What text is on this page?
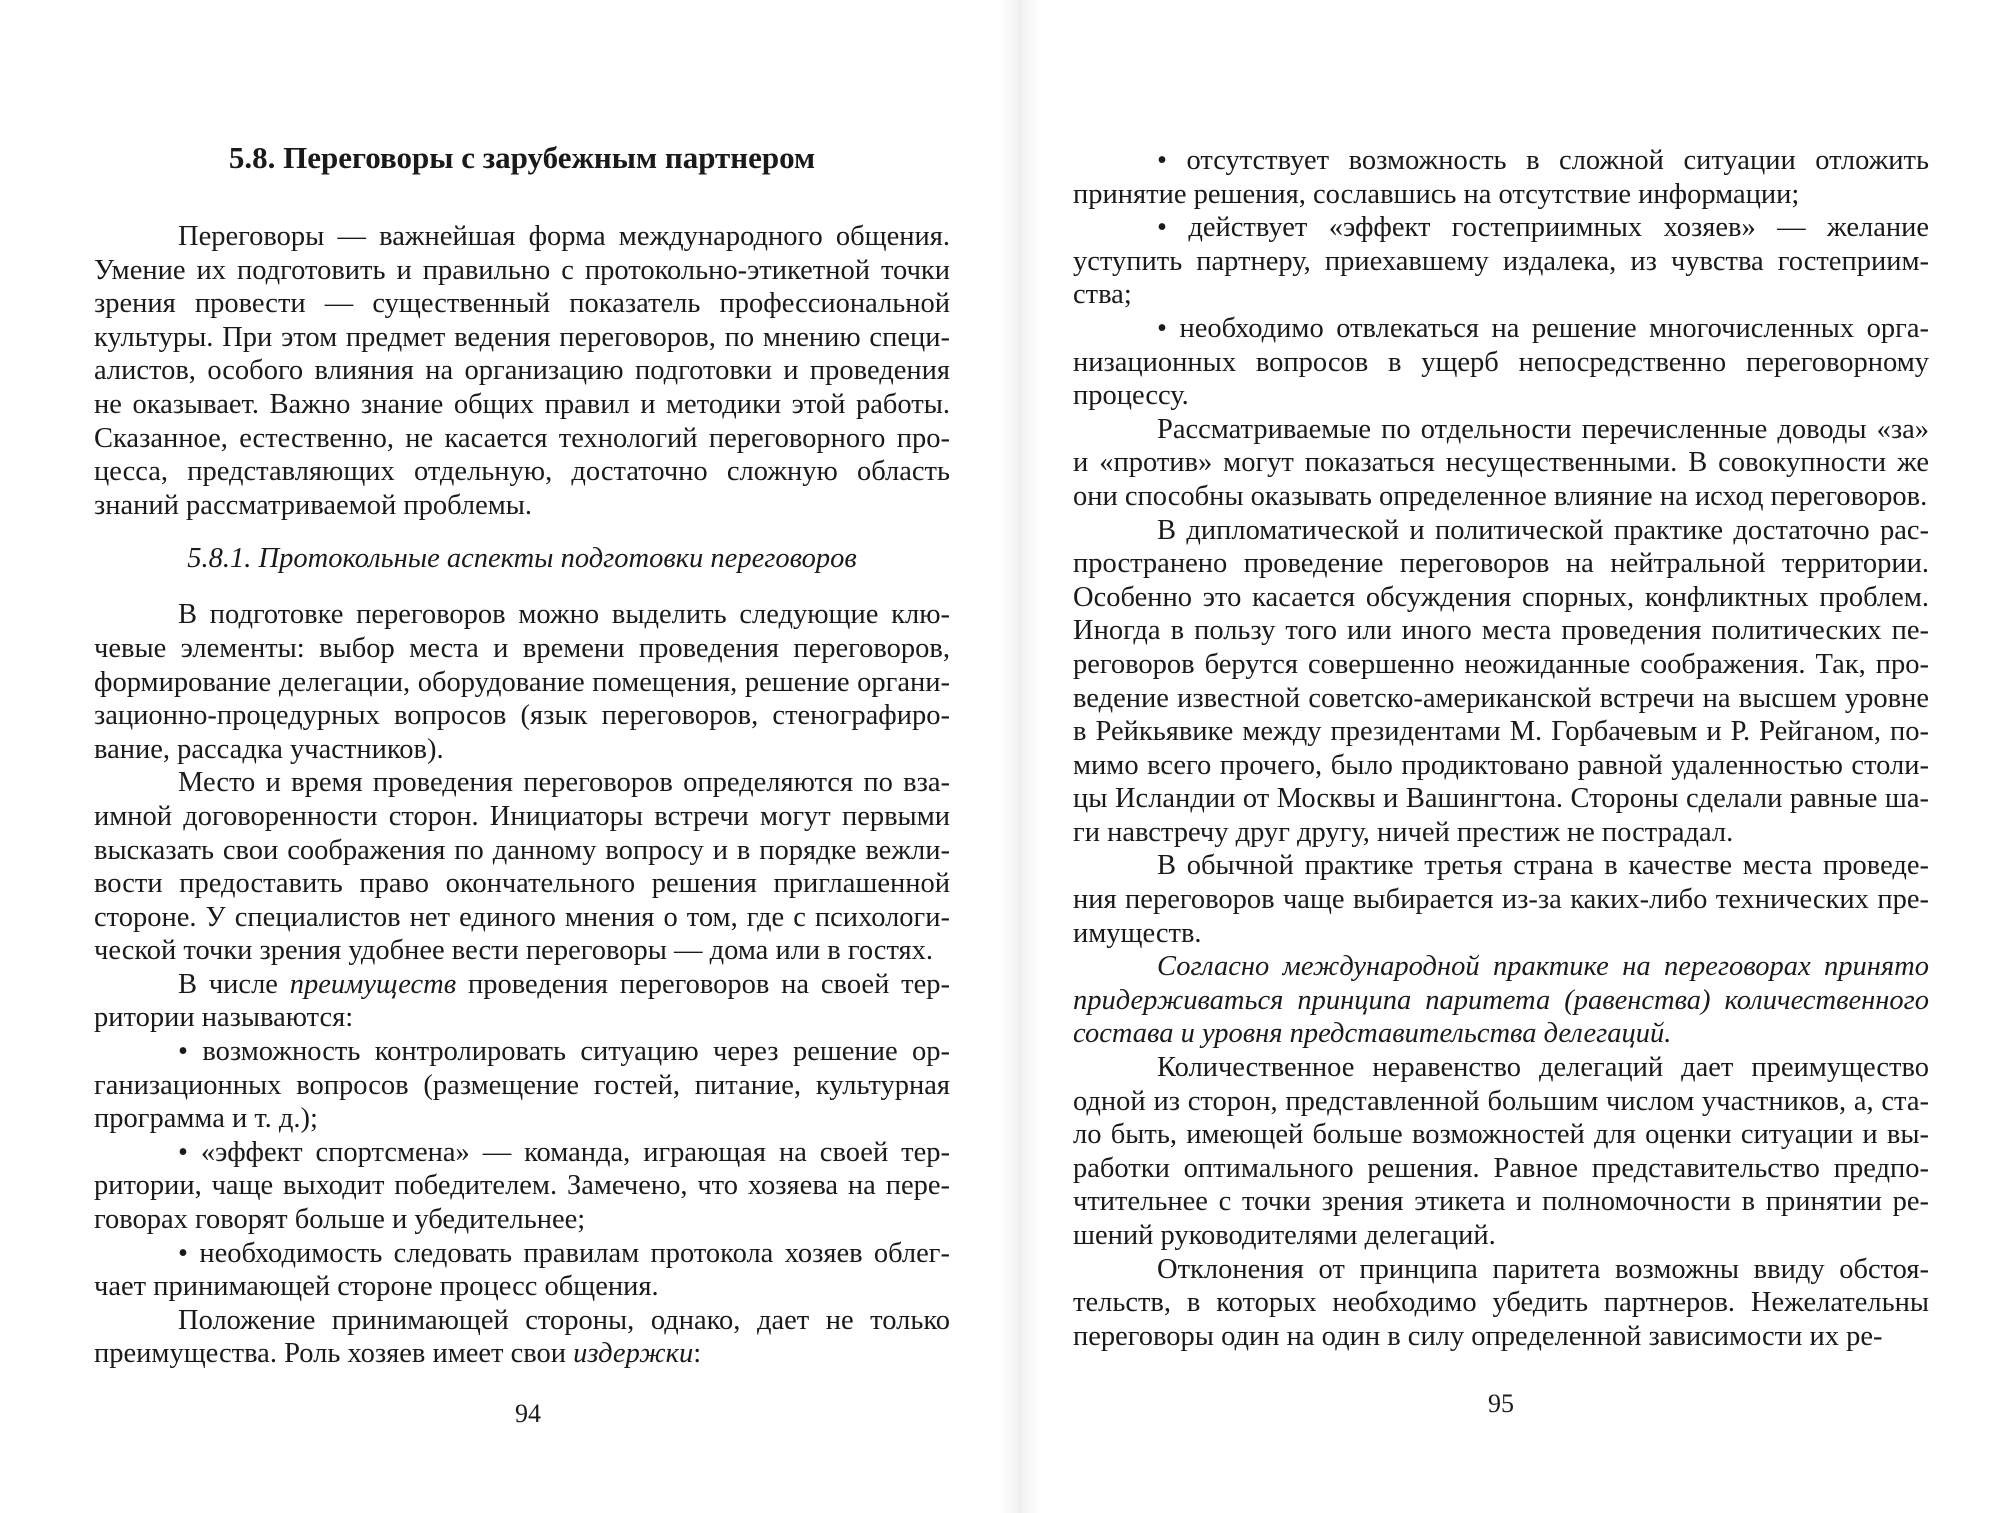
5.8. Переговоры с зарубежным партнером

Переговоры — важнейшая форма международного общения. Умение их подготовить и правильно с протокольно-этикетной точки зрения провести — существенный показатель профессиональной культуры. При этом предмет ведения переговоров, по мнению специалистов, особого влияния на организацию подготовки и проведения не оказывает. Важно знание общих правил и методики этой работы. Сказанное, естественно, не касается технологий переговорного процесса, представляющих отдельную, достаточно сложную область знаний рассматриваемой проблемы.

5.8.1. Протокольные аспекты подготовки переговоров

В подготовке переговоров можно выделить следующие ключевые элементы: выбор места и времени проведения переговоров, формирование делегации, оборудование помещения, решение организационно-процедурных вопросов (язык переговоров, стенографирование, рассадка участников).

Место и время проведения переговоров определяются по взаимной договоренности сторон. Инициаторы встречи могут первыми высказать свои соображения по данному вопросу и в порядке вежливости предоставить право окончательного решения приглашенной стороне. У специалистов нет единого мнения о том, где с психологической точки зрения удобнее вести переговоры — дома или в гостях.

В числе преимуществ проведения переговоров на своей территории называются:

• возможность контролировать ситуацию через решение организационных вопросов (размещение гостей, питание, культурная программа и т. д.);

• «эффект спортсмена» — команда, играющая на своей территории, чаще выходит победителем. Замечено, что хозяева на переговорах говорят больше и убедительнее;

• необходимость следовать правилам протокола хозяев облегчает принимающей стороне процесс общения.

Положение принимающей стороны, однако, дает не только преимущества. Роль хозяев имеет свои издержки:

94

• отсутствует возможность в сложной ситуации отложить принятие решения, сославшись на отсутствие информации;

• действует «эффект гостеприимных хозяев» — желание уступить партнеру, приехавшему издалека, из чувства гостеприимства;

• необходимо отвлекаться на решение многочисленных организационных вопросов в ущерб непосредственно переговорному процессу.

Рассматриваемые по отдельности перечисленные доводы «за» и «против» могут показаться несущественными. В совокупности же они способны оказывать определенное влияние на исход переговоров.

В дипломатической и политической практике достаточно распространено проведение переговоров на нейтральной территории. Особенно это касается обсуждения спорных, конфликтных проблем. Иногда в пользу того или иного места проведения политических переговоров берутся совершенно неожиданные соображения. Так, проведение известной советско-американской встречи на высшем уровне в Рейкьявике между президентами М. Горбачевым и Р. Рейганом, помимо всего прочего, было продиктовано равной удаленностью столицы Исландии от Москвы и Вашингтона. Стороны сделали равные шаги навстречу друг другу, ничей престиж не пострадал.

В обычной практике третья страна в качестве места проведения переговоров чаще выбирается из-за каких-либо технических преимуществ.

Согласно международной практике на переговорах принято придерживаться принципа паритета (равенства) количественного состава и уровня представительства делегаций.

Количественное неравенство делегаций дает преимущество одной из сторон, представленной большим числом участников, а, стало быть, имеющей больше возможностей для оценки ситуации и выработки оптимального решения. Равное представительство предпочтительнее с точки зрения этикета и полномочности в принятии решений руководителями делегаций.

Отклонения от принципа паритета возможны ввиду обстоятельств, в которых необходимо убедить партнеров. Нежелательны переговоры один на один в силу определенной зависимости их ре-

95
